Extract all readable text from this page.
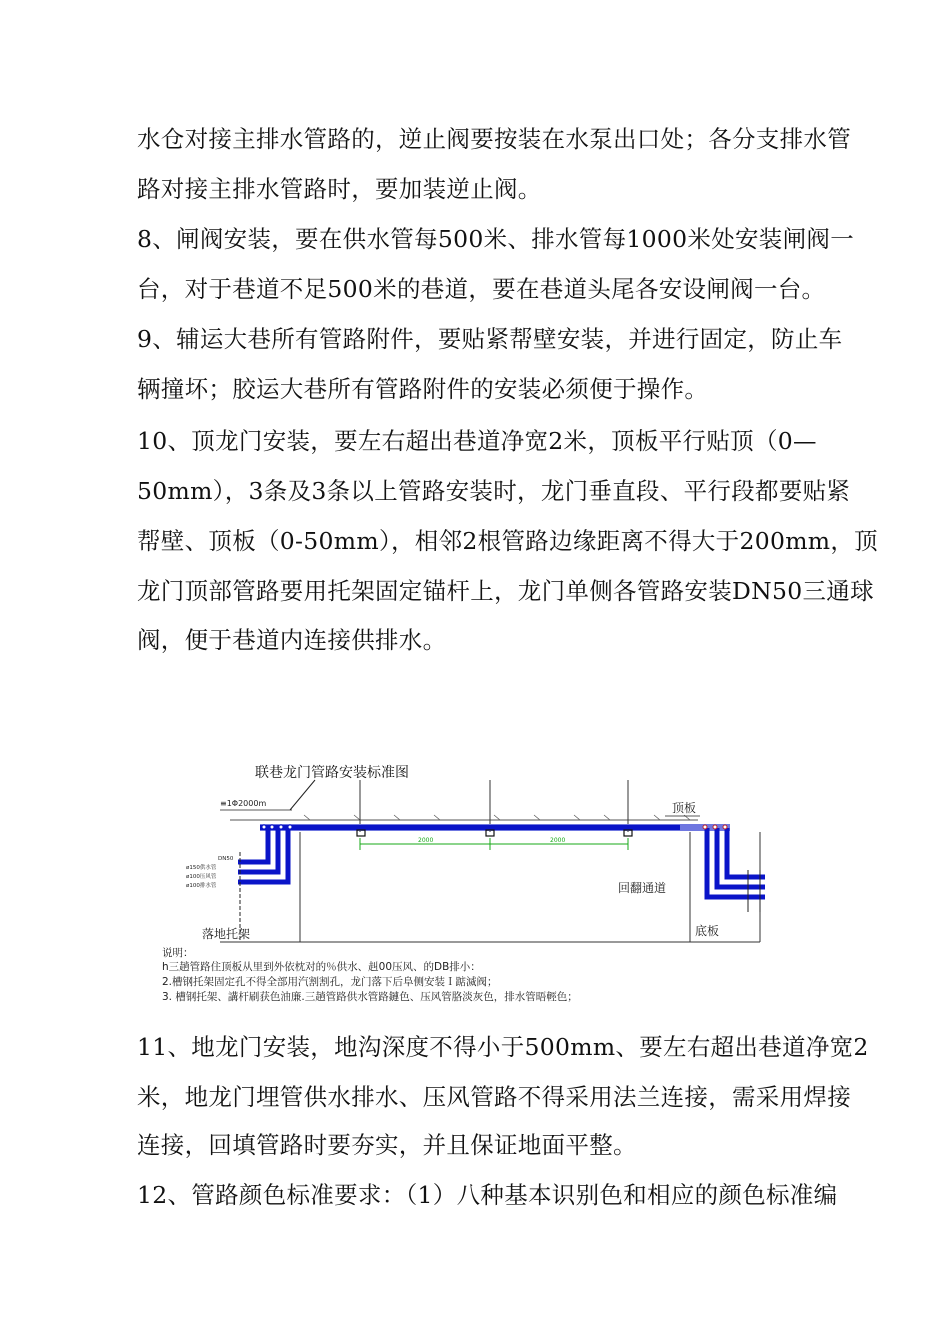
水仓对接主排水管路的，逆止阀要按装在水泵出口处；各分支排水管
路对接主排水管路时，要加装逆止阀。
8、闸阀安装，要在供水管每500米、排水管每1000米处安装闸阀一
台，对于巷道不足500米的巷道，要在巷道头尾各安设闸阀一台。
9、辅运大巷所有管路附件，要贴紧帮壁安装，并进行固定，防止车
辆撞坏；胶运大巷所有管路附件的安装必须便于操作。
10、顶龙门安装，要左右超出巷道净宽2米，顶板平行贴顶（0—
50mm），3条及3条以上管路安装时，龙门垂直段、平行段都要贴紧
帮壁、顶板（0-50mm），相邻2根管路边缘距离不得大于200mm，顶
龙门顶部管路要用托架固定锚杆上，龙门单侧各管路安装DN50三通球
阀，便于巷道内连接供排水。
≡1Φ2000m	顶板
2000	2000
DN50
ø150供水管
ø100压风管
ø100排水管
落地托架
回翻通道
底板
联巷龙门管路安装标准图
说明：
h三趟管路住顶板从里到外依枕对的％供水、赳00压风、的DB排小：
2.槽钢托架固定孔不得全部用汽割割孔，龙门落下后阜侧安装Ｉ踮滅阀；
3. 槽钢托架、講杆刷获色油廉.三趟管路供水管路鏈色、压风管胳淡灰色，排水管晤輕色；
11、地龙门安装，地沟深度不得小于500mm、要左右超出巷道净宽2
米，地龙门埋管供水排水、压风管路不得采用法兰连接，需采用焊接
连接，回填管路时要夯实，并且保证地面平整。
12、管路颜色标准要求：（1）八种基本识别色和相应的颜色标准编
